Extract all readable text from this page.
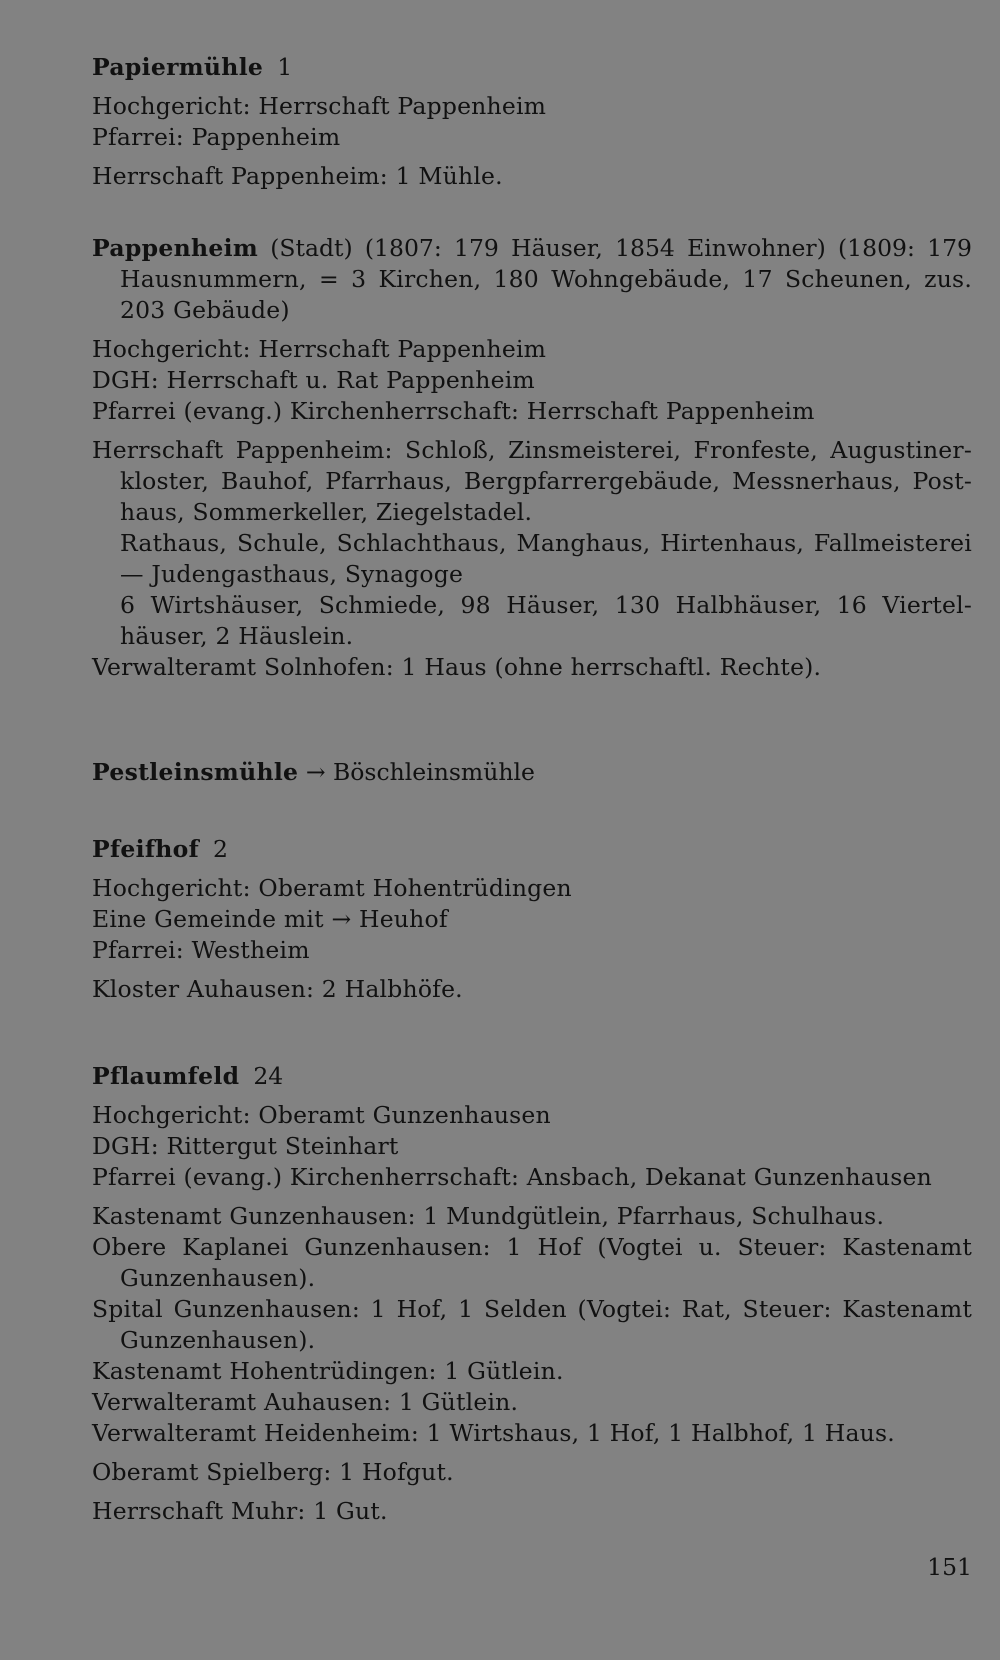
Papiermühle 1
Hochgericht: Herrschaft Pappenheim
Pfarrei: Pappenheim
Herrschaft Pappenheim: 1 Mühle.
Pappenheim (Stadt) (1807: 179 Häuser, 1854 Einwohner) (1809: 179
Hausnummern, = 3 Kirchen, 180 Wohngebäude, 17 Scheunen, zus.
203 Gebäude)
Hochgericht: Herrschaft Pappenheim
DGH: Herrschaft u. Rat Pappenheim
Pfarrei (evang.) Kirchenherrschaft: Herrschaft Pappenheim
Herrschaft Pappenheim: Schloß, Zinsmeisterei, Fronfeste, Augustiner-
kloster, Bauhof, Pfarrhaus, Bergpfarrergebäude, Messnerhaus, Post-
haus, Sommerkeller, Ziegelstadel.
Rathaus, Schule, Schlachthaus, Manghaus, Hirtenhaus, Fallmeisterei
— Judengasthaus, Synagoge
6 Wirtshäuser, Schmiede, 98 Häuser, 130 Halbhäuser, 16 Viertel-
häuser, 2 Häuslein.
Verwalteramt Solnhofen: 1 Haus (ohne herrschaftl. Rechte).
Pestleinsmühle → Böschleinsmühle
Pfeifhof 2
Hochgericht: Oberamt Hohentrüdingen
Eine Gemeinde mit → Heuhof
Pfarrei: Westheim
Kloster Auhausen: 2 Halbhöfe.
Pflaumfeld 24
Hochgericht: Oberamt Gunzenhausen
DGH: Rittergut Steinhart
Pfarrei (evang.) Kirchenherrschaft: Ansbach, Dekanat Gunzenhausen
Kastenamt Gunzenhausen: 1 Mundgütlein, Pfarrhaus, Schulhaus.
Obere Kaplanei Gunzenhausen: 1 Hof (Vogtei u. Steuer: Kastenamt
Gunzenhausen).
Spital Gunzenhausen: 1 Hof, 1 Selden (Vogtei: Rat, Steuer: Kastenamt
Gunzenhausen).
Kastenamt Hohentrüdingen: 1 Gütlein.
Verwalteramt Auhausen: 1 Gütlein.
Verwalteramt Heidenheim: 1 Wirtshaus, 1 Hof, 1 Halbhof, 1 Haus.
Oberamt Spielberg: 1 Hofgut.
Herrschaft Muhr: 1 Gut.
151
